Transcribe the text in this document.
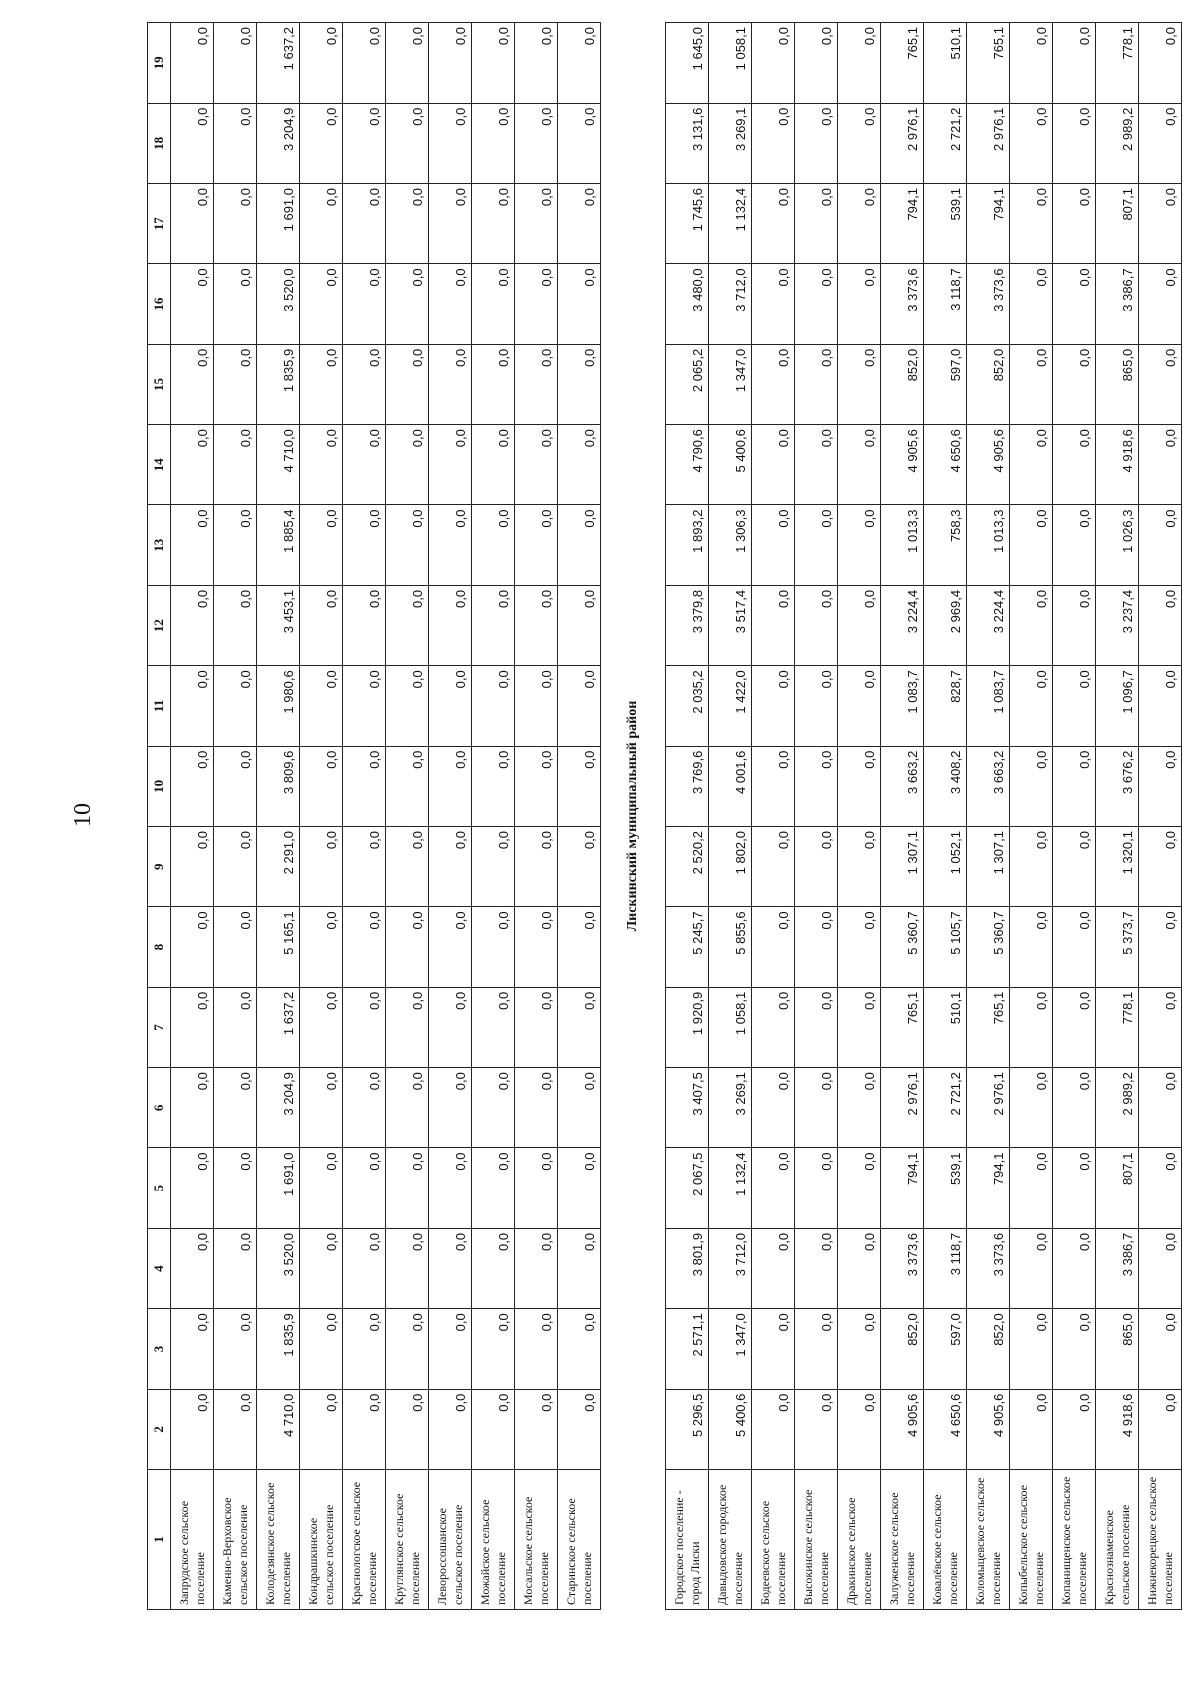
10
1	2	3	4	5	6	7	8	9	10	11	12	13	14	15	16	17	18	19
Запрудское сельское поселение	0,0	0,0	0,0	0,0	0,0	0,0	0,0	0,0	0,0	0,0	0,0	0,0	0,0	0,0	0,0	0,0	0,0	0,0
Каменно-Верховское сельское поселение	0,0	0,0	0,0	0,0	0,0	0,0	0,0	0,0	0,0	0,0	0,0	0,0	0,0	0,0	0,0	0,0	0,0	0,0
Колодезянское сельское поселение	4 710,0	1 835,9	3 520,0	1 691,0	3 204,9	1 637,2	5 165,1	2 291,0	3 809,6	1 980,6	3 453,1	1 885,4	4 710,0	1 835,9	3 520,0	1 691,0	3 204,9	1 637,2
Кондрашкинское сельское поселение	0,0	0,0	0,0	0,0	0,0	0,0	0,0	0,0	0,0	0,0	0,0	0,0	0,0	0,0	0,0	0,0	0,0	0,0
Краснологское сельское поселение	0,0	0,0	0,0	0,0	0,0	0,0	0,0	0,0	0,0	0,0	0,0	0,0	0,0	0,0	0,0	0,0	0,0	0,0
Круглянское сельское поселение	0,0	0,0	0,0	0,0	0,0	0,0	0,0	0,0	0,0	0,0	0,0	0,0	0,0	0,0	0,0	0,0	0,0	0,0
Левороссошанское сельское поселение	0,0	0,0	0,0	0,0	0,0	0,0	0,0	0,0	0,0	0,0	0,0	0,0	0,0	0,0	0,0	0,0	0,0	0,0
Можайское сельское поселение	0,0	0,0	0,0	0,0	0,0	0,0	0,0	0,0	0,0	0,0	0,0	0,0	0,0	0,0	0,0	0,0	0,0	0,0
Мосальское сельское поселение	0,0	0,0	0,0	0,0	0,0	0,0	0,0	0,0	0,0	0,0	0,0	0,0	0,0	0,0	0,0	0,0	0,0	0,0
Старинское сельское поселение	0,0	0,0	0,0	0,0	0,0	0,0	0,0	0,0	0,0	0,0	0,0	0,0	0,0	0,0	0,0	0,0	0,0	0,0
Лискинский муниципальный район																		
Городское поселение - город Лиски	5 296,5	2 571,1	3 801,9	2 067,5	3 407,5	1 920,9	5 245,7	2 520,2	3 769,6	2 035,2	3 379,8	1 893,2	4 790,6	2 065,2	3 480,0	1 745,6	3 131,6	1 645,0
Давыдовское городское поселение	5 400,6	1 347,0	3 712,0	1 132,4	3 269,1	1 058,1	5 855,6	1 802,0	4 001,6	1 422,0	3 517,4	1 306,3	5 400,6	1 347,0	3 712,0	1 132,4	3 269,1	1 058,1
Бодеевское сельское поселение	0,0	0,0	0,0	0,0	0,0	0,0	0,0	0,0	0,0	0,0	0,0	0,0	0,0	0,0	0,0	0,0	0,0	0,0
Высокинское сельское поселение	0,0	0,0	0,0	0,0	0,0	0,0	0,0	0,0	0,0	0,0	0,0	0,0	0,0	0,0	0,0	0,0	0,0	0,0
Дракинское сельское поселение	0,0	0,0	0,0	0,0	0,0	0,0	0,0	0,0	0,0	0,0	0,0	0,0	0,0	0,0	0,0	0,0	0,0	0,0
Залуженское сельское поселение	4 905,6	852,0	3 373,6	794,1	2 976,1	765,1	5 360,7	1 307,1	3 663,2	1 083,7	3 224,4	1 013,3	4 905,6	852,0	3 373,6	794,1	2 976,1	765,1
Ковалёвское сельское поселение	4 650,6	597,0	3 118,7	539,1	2 721,2	510,1	5 105,7	1 052,1	3 408,2	828,7	2 969,4	758,3	4 650,6	597,0	3 118,7	539,1	2 721,2	510,1
Коломыцевское сельское поселение	4 905,6	852,0	3 373,6	794,1	2 976,1	765,1	5 360,7	1 307,1	3 663,2	1 083,7	3 224,4	1 013,3	4 905,6	852,0	3 373,6	794,1	2 976,1	765,1
Копыбельское сельское поселение	0,0	0,0	0,0	0,0	0,0	0,0	0,0	0,0	0,0	0,0	0,0	0,0	0,0	0,0	0,0	0,0	0,0	0,0
Копанищенское сельское поселение	0,0	0,0	0,0	0,0	0,0	0,0	0,0	0,0	0,0	0,0	0,0	0,0	0,0	0,0	0,0	0,0	0,0	0,0
Краснознаменское сельское поселение	4 918,6	865,0	3 386,7	807,1	2 989,2	778,1	5 373,7	1 320,1	3 676,2	1 096,7	3 237,4	1 026,3	4 918,6	865,0	3 386,7	807,1	2 989,2	778,1
Нижнекорецкое сельское поселение	0,0	0,0	0,0	0,0	0,0	0,0	0,0	0,0	0,0	0,0	0,0	0,0	0,0	0,0	0,0	0,0	0,0	0,0
